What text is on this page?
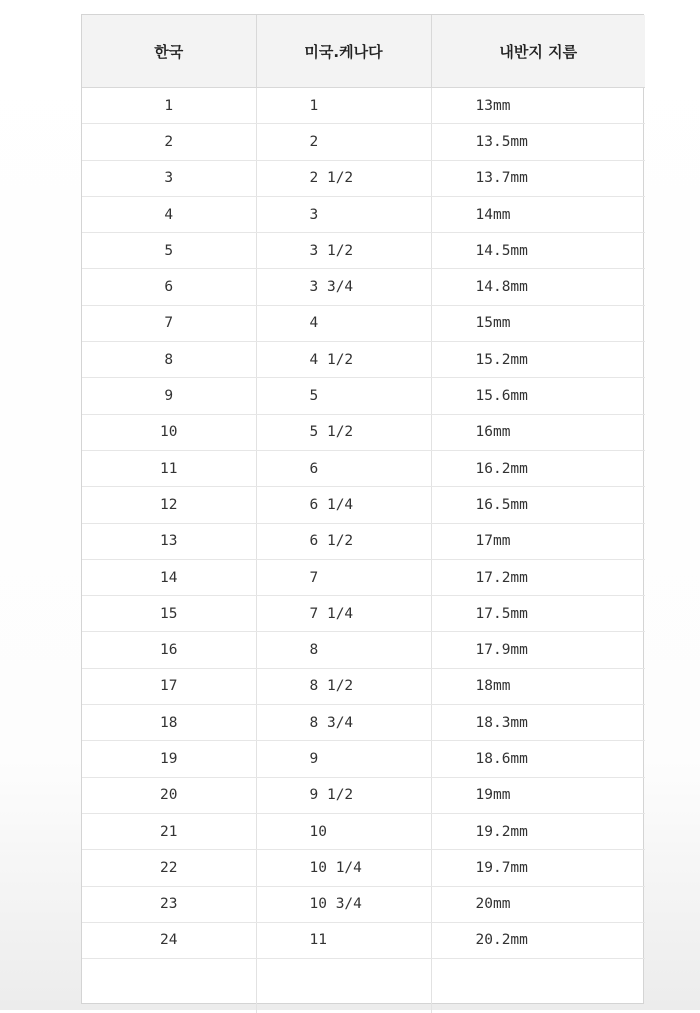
한국	미국.케나다	내반지 지름
1	1	13mm
2	2	13.5mm
3	2 1/2	13.7mm
4	3	14mm
5	3 1/2	14.5mm
6	3 3/4	14.8mm
7	4	15mm
8	4 1/2	15.2mm
9	5	15.6mm
10	5 1/2	16mm
11	6	16.2mm
12	6 1/4	16.5mm
13	6 1/2	17mm
14	7	17.2mm
15	7 1/4	17.5mm
16	8	17.9mm
17	8 1/2	18mm
18	8 3/4	18.3mm
19	9	18.6mm
20	9 1/2	19mm
21	10	19.2mm
22	10 1/4	19.7mm
23	10 3/4	20mm
24	11	20.2mm
